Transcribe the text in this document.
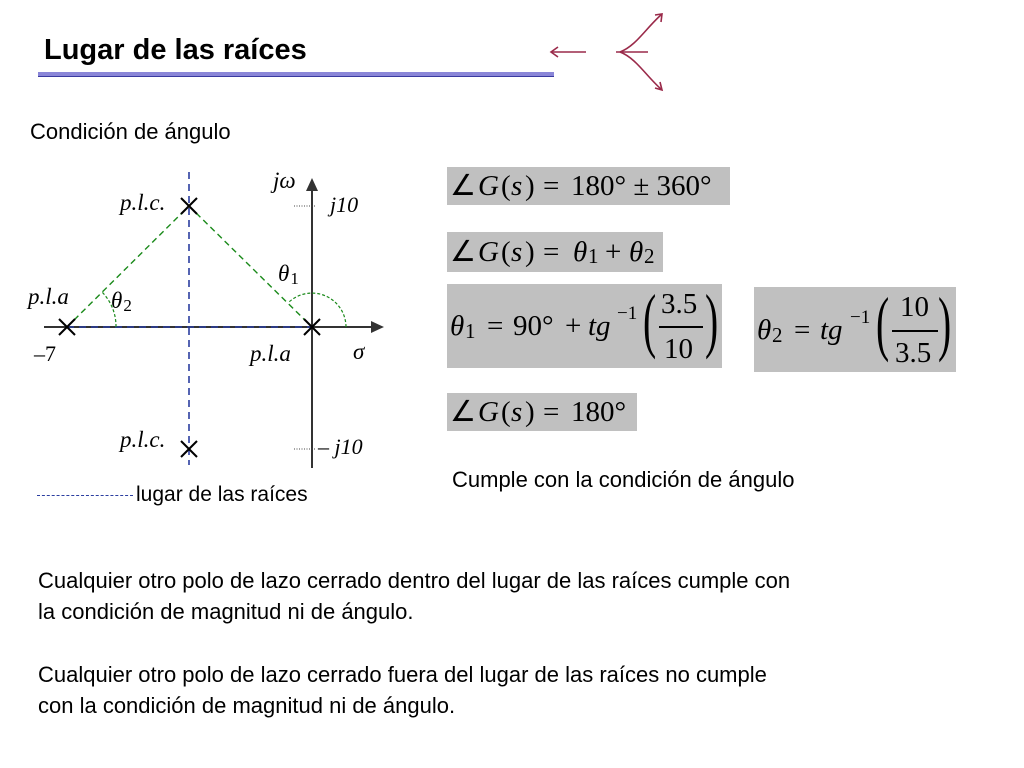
Lugar de las raíces
Condición de ángulo
jω
σ
p.l.c.
p.l.c.
p.l.a
p.l.a
θ2
θ1
–7
j10
– j10
lugar de las raíces
∠ G ( s ) = 180° ± 360°
∠ G ( s ) = θ 1 + θ 2
θ 1 = 90° + tg −1 ( 3.5
10 ) θ 2 = tg −1 ( 10
3.5 )
∠ G ( s ) = 180°
Cumple con la condición de ángulo
Cualquier otro polo de lazo cerrado dentro del lugar de las raíces cumple con
la condición de magnitud ni de ángulo.
Cualquier otro polo de lazo cerrado fuera del lugar de las raíces no cumple
con la condición de magnitud ni de ángulo.
